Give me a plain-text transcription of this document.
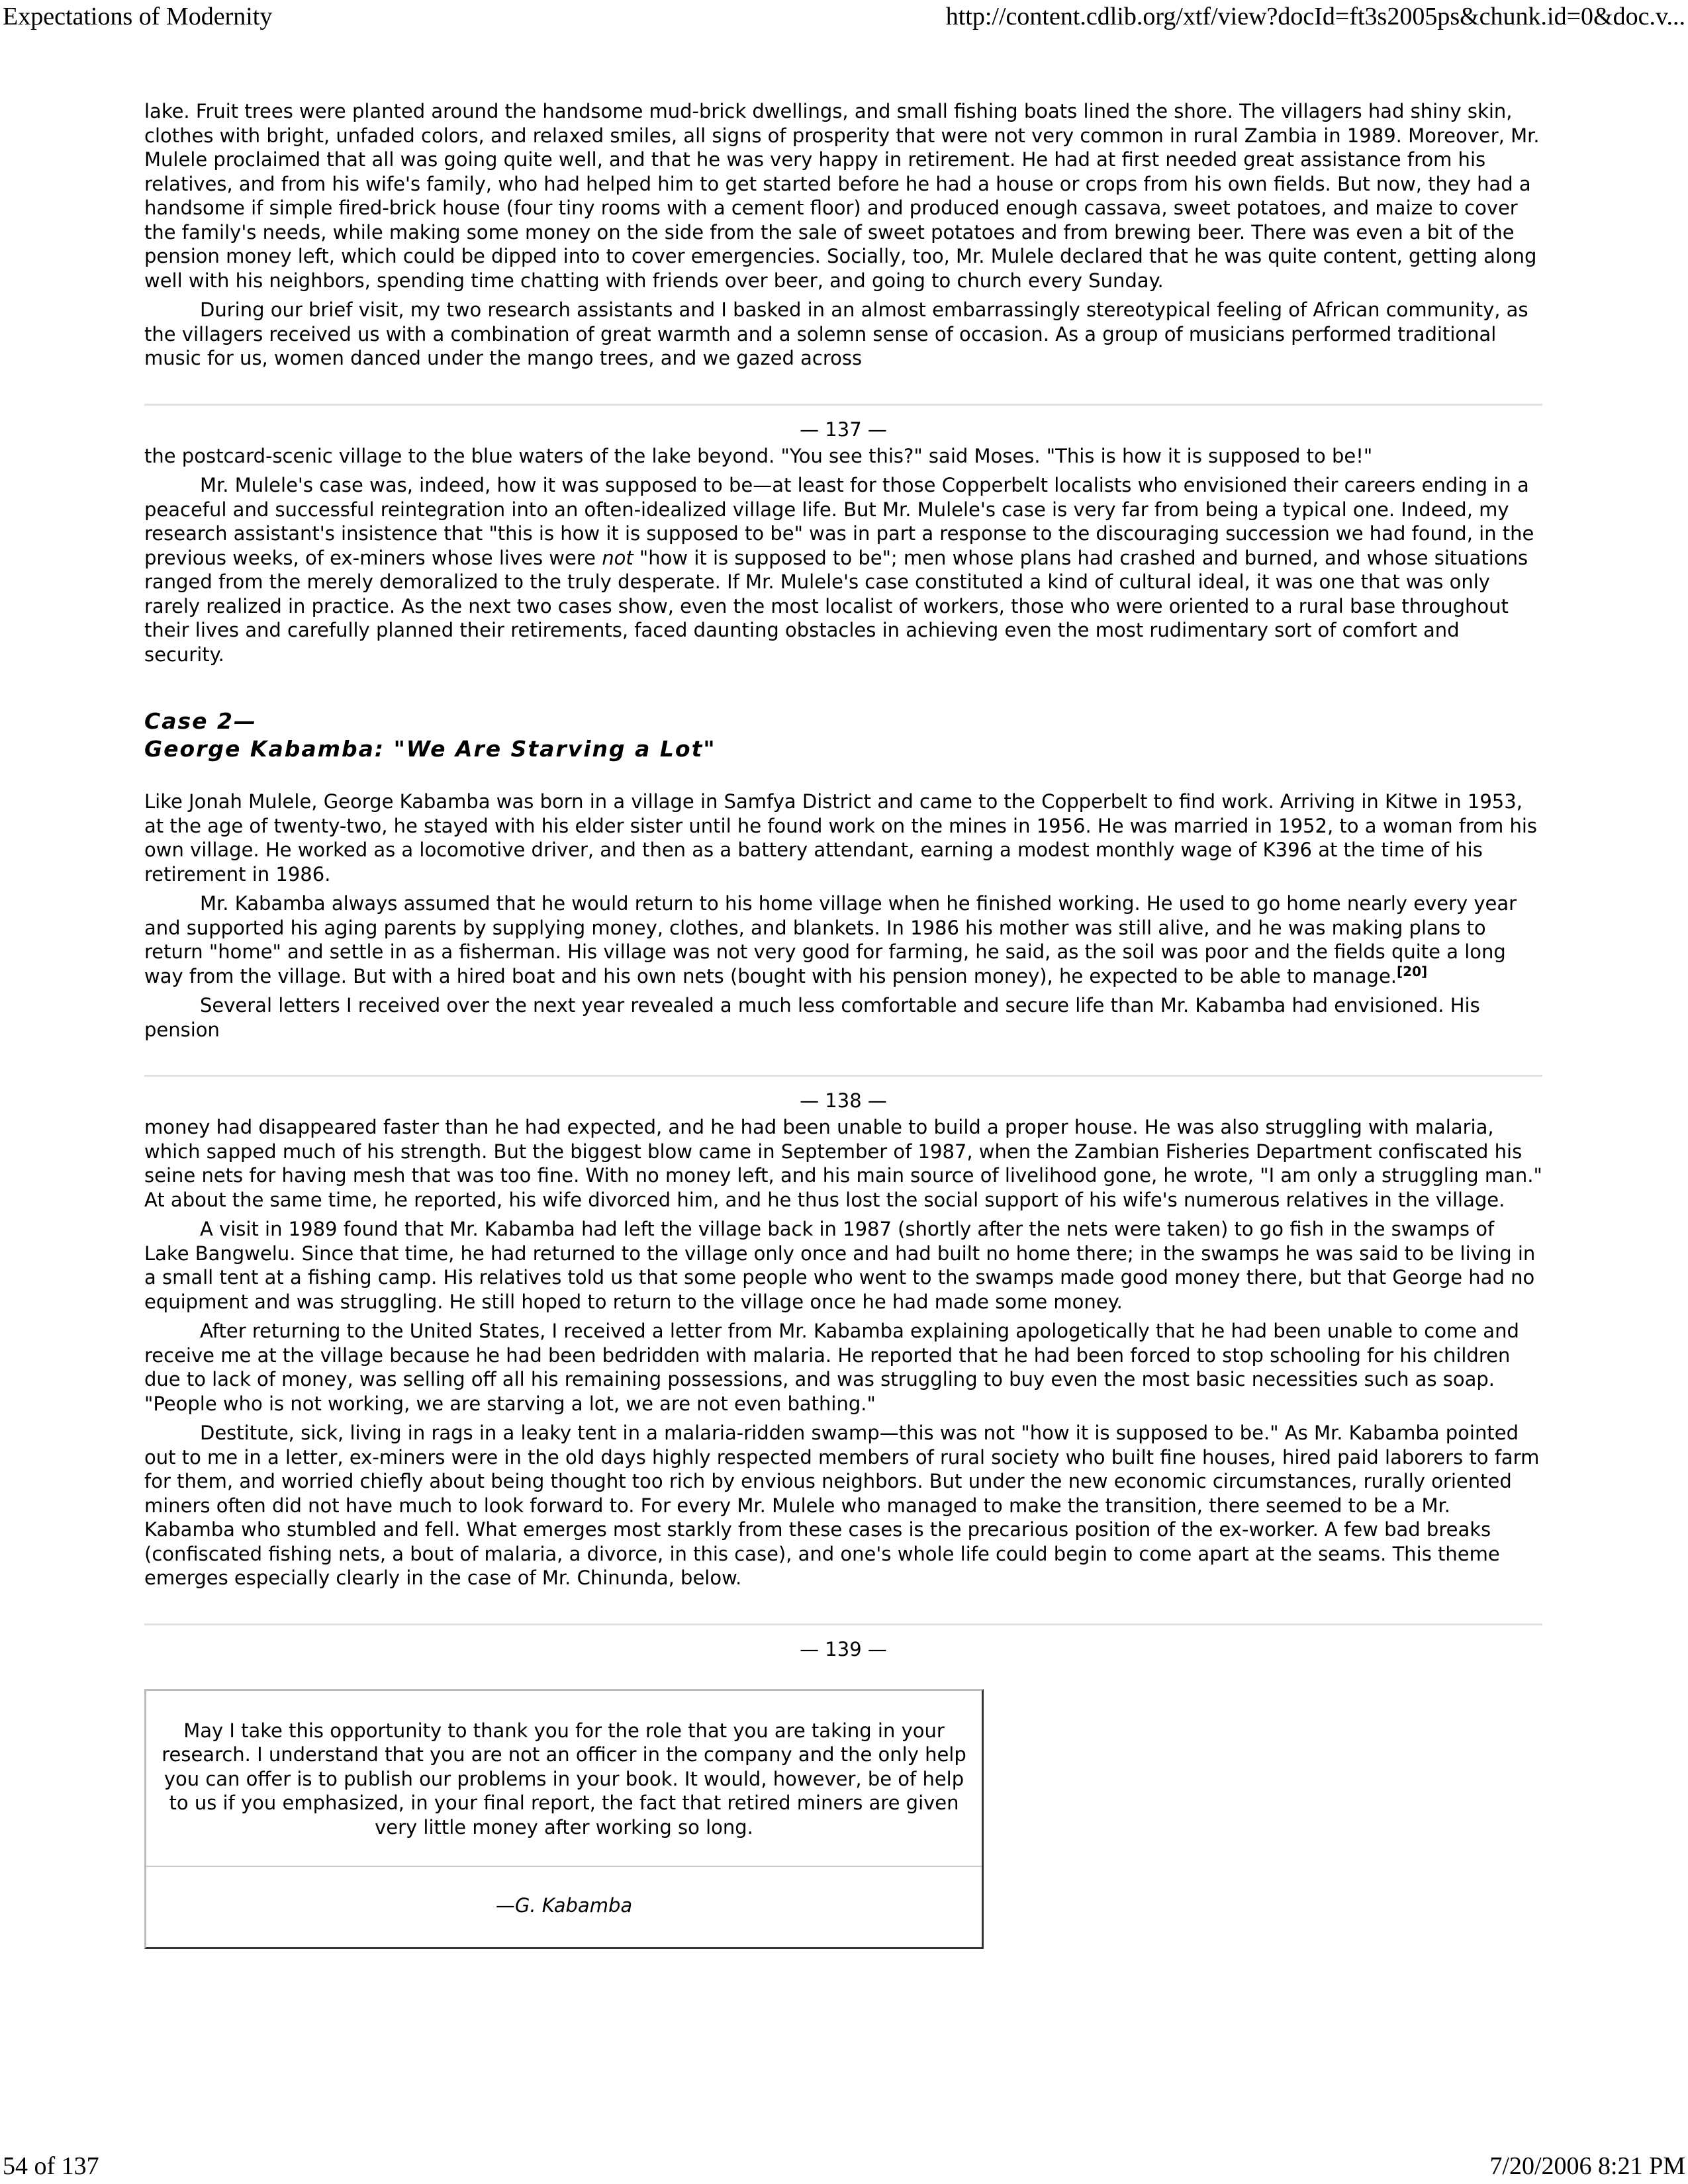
Expectations of Modernity	http://content.cdlib.org/xtf/view?docId=ft3s2005ps&chunk.id=0&doc.v...

lake. Fruit trees were planted around the handsome mud-brick dwellings, and small fishing boats lined the shore. The villagers had shiny skin, clothes with bright, unfaded colors, and relaxed smiles, all signs of prosperity that were not very common in rural Zambia in 1989. Moreover, Mr. Mulele proclaimed that all was going quite well, and that he was very happy in retirement. He had at first needed great assistance from his relatives, and from his wife's family, who had helped him to get started before he had a house or crops from his own fields. But now, they had a handsome if simple fired-brick house (four tiny rooms with a cement floor) and produced enough cassava, sweet potatoes, and maize to cover the family's needs, while making some money on the side from the sale of sweet potatoes and from brewing beer. There was even a bit of the pension money left, which could be dipped into to cover emergencies. Socially, too, Mr. Mulele declared that he was quite content, getting along well with his neighbors, spending time chatting with friends over beer, and going to church every Sunday.

During our brief visit, my two research assistants and I basked in an almost embarrassingly stereotypical feeling of African community, as the villagers received us with a combination of great warmth and a solemn sense of occasion. As a group of musicians performed traditional music for us, women danced under the mango trees, and we gazed across

— 137 —

the postcard-scenic village to the blue waters of the lake beyond. "You see this?" said Moses. "This is how it is supposed to be!"

Mr. Mulele's case was, indeed, how it was supposed to be—at least for those Copperbelt localists who envisioned their careers ending in a peaceful and successful reintegration into an often-idealized village life. But Mr. Mulele's case is very far from being a typical one. Indeed, my research assistant's insistence that "this is how it is supposed to be" was in part a response to the discouraging succession we had found, in the previous weeks, of ex-miners whose lives were not "how it is supposed to be"; men whose plans had crashed and burned, and whose situations ranged from the merely demoralized to the truly desperate. If Mr. Mulele's case constituted a kind of cultural ideal, it was one that was only rarely realized in practice. As the next two cases show, even the most localist of workers, those who were oriented to a rural base throughout their lives and carefully planned their retirements, faced daunting obstacles in achieving even the most rudimentary sort of comfort and security.

Case 2—
George Kabamba: "We Are Starving a Lot"

Like Jonah Mulele, George Kabamba was born in a village in Samfya District and came to the Copperbelt to find work. Arriving in Kitwe in 1953, at the age of twenty-two, he stayed with his elder sister until he found work on the mines in 1956. He was married in 1952, to a woman from his own village. He worked as a locomotive driver, and then as a battery attendant, earning a modest monthly wage of K396 at the time of his retirement in 1986.

Mr. Kabamba always assumed that he would return to his home village when he finished working. He used to go home nearly every year and supported his aging parents by supplying money, clothes, and blankets. In 1986 his mother was still alive, and he was making plans to return "home" and settle in as a fisherman. His village was not very good for farming, he said, as the soil was poor and the fields quite a long way from the village. But with a hired boat and his own nets (bought with his pension money), he expected to be able to manage.[20]

Several letters I received over the next year revealed a much less comfortable and secure life than Mr. Kabamba had envisioned. His pension

— 138 —

money had disappeared faster than he had expected, and he had been unable to build a proper house. He was also struggling with malaria, which sapped much of his strength. But the biggest blow came in September of 1987, when the Zambian Fisheries Department confiscated his seine nets for having mesh that was too fine. With no money left, and his main source of livelihood gone, he wrote, "I am only a struggling man." At about the same time, he reported, his wife divorced him, and he thus lost the social support of his wife's numerous relatives in the village.

A visit in 1989 found that Mr. Kabamba had left the village back in 1987 (shortly after the nets were taken) to go fish in the swamps of Lake Bangwelu. Since that time, he had returned to the village only once and had built no home there; in the swamps he was said to be living in a small tent at a fishing camp. His relatives told us that some people who went to the swamps made good money there, but that George had no equipment and was struggling. He still hoped to return to the village once he had made some money.

After returning to the United States, I received a letter from Mr. Kabamba explaining apologetically that he had been unable to come and receive me at the village because he had been bedridden with malaria. He reported that he had been forced to stop schooling for his children due to lack of money, was selling off all his remaining possessions, and was struggling to buy even the most basic necessities such as soap. "People who is not working, we are starving a lot, we are not even bathing."

Destitute, sick, living in rags in a leaky tent in a malaria-ridden swamp—this was not "how it is supposed to be." As Mr. Kabamba pointed out to me in a letter, ex-miners were in the old days highly respected members of rural society who built fine houses, hired paid laborers to farm for them, and worried chiefly about being thought too rich by envious neighbors. But under the new economic circumstances, rurally oriented miners often did not have much to look forward to. For every Mr. Mulele who managed to make the transition, there seemed to be a Mr. Kabamba who stumbled and fell. What emerges most starkly from these cases is the precarious position of the ex-worker. A few bad breaks (confiscated fishing nets, a bout of malaria, a divorce, in this case), and one's whole life could begin to come apart at the seams. This theme emerges especially clearly in the case of Mr. Chinunda, below.

— 139 —
May I take this opportunity to thank you for the role that you are taking in your research. I understand that you are not an officer in the company and the only help you can offer is to publish our problems in your book. It would, however, be of help to us if you emphasized, in your final report, the fact that retired miners are given very little money after working so long.
—G. Kabamba
54 of 137	7/20/2006 8:21 PM
